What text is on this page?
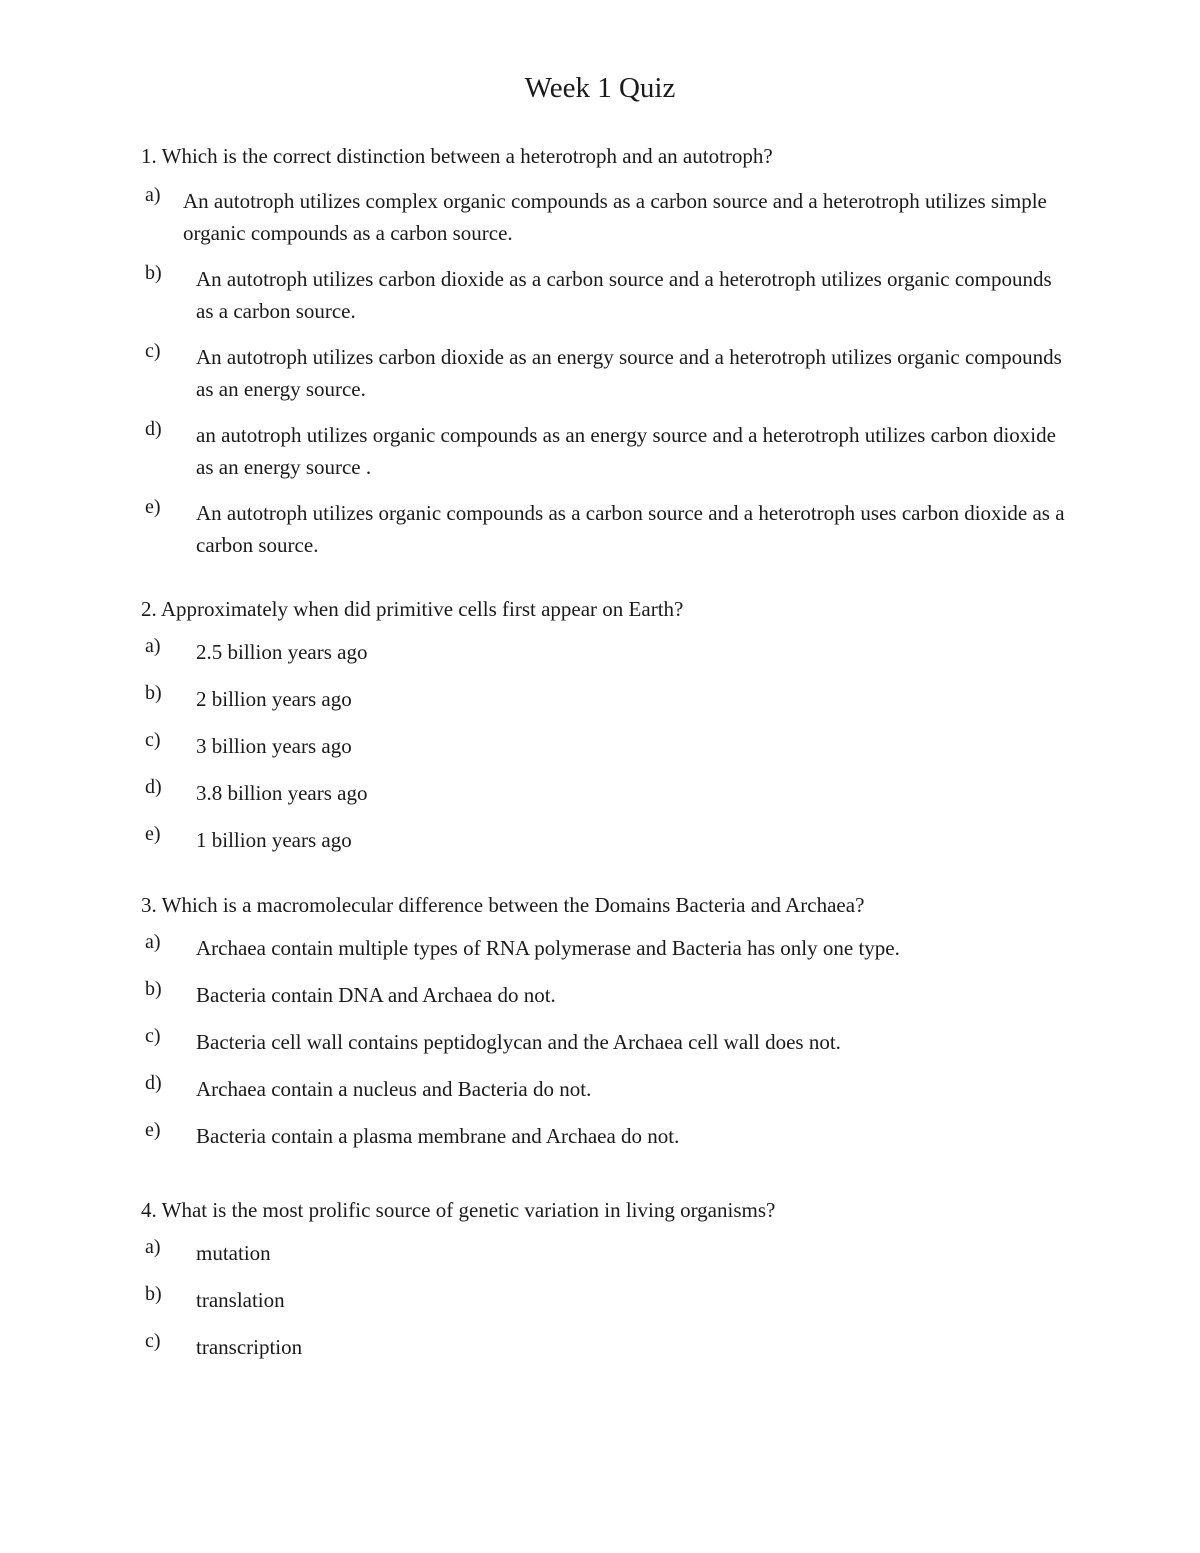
Week 1 Quiz

1. Which is the correct distinction between a heterotroph and an autotroph?

a) An autotroph utilizes complex organic compounds as a carbon source and a heterotroph utilizes simple organic compounds as a carbon source.
b) An autotroph utilizes carbon dioxide as a carbon source and a heterotroph utilizes organic compounds as a carbon source.
c) An autotroph utilizes carbon dioxide as an energy source and a heterotroph utilizes organic compounds as an energy source.
d) an autotroph utilizes organic compounds as an energy source and a heterotroph utilizes carbon dioxide as an energy source .
e) An autotroph utilizes organic compounds as a carbon source and a heterotroph uses carbon dioxide as a carbon source.

2. Approximately when did primitive cells first appear on Earth?

a) 2.5 billion years ago
b) 2 billion years ago
c) 3 billion years ago
d) 3.8 billion years ago
e) 1 billion years ago

3. Which is a macromolecular difference between the Domains Bacteria and Archaea?

a) Archaea contain multiple types of RNA polymerase and Bacteria has only one type.
b) Bacteria contain DNA and Archaea do not.
c) Bacteria cell wall contains peptidoglycan and the Archaea cell wall does not.
d) Archaea contain a nucleus and Bacteria do not.
e) Bacteria contain a plasma membrane and Archaea do not.

4. What is the most prolific source of genetic variation in living organisms?

a) mutation
b) translation
c) transcription
